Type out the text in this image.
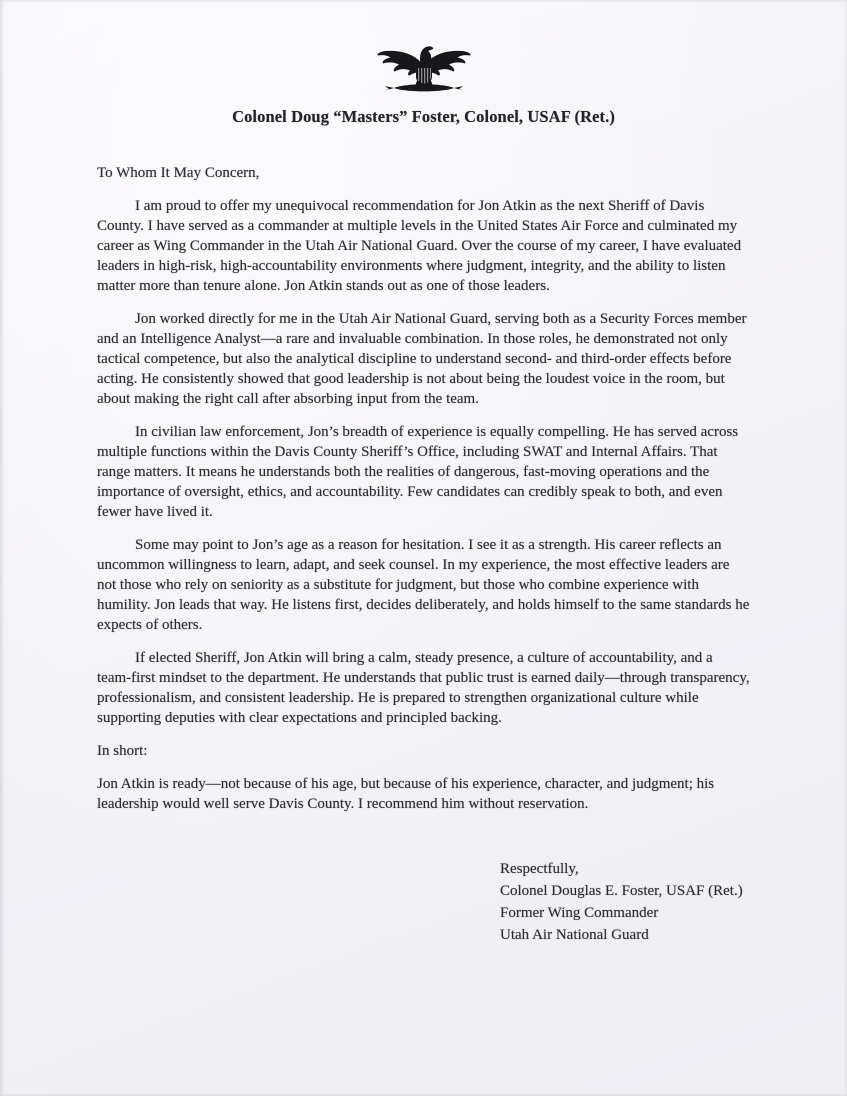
Colonel Doug “Masters” Foster, Colonel, USAF (Ret.)

To Whom It May Concern,

I am proud to offer my unequivocal recommendation for Jon Atkin as the next Sheriff of Davis County. I have served as a commander at multiple levels in the United States Air Force and culminated my career as Wing Commander in the Utah Air National Guard. Over the course of my career, I have evaluated leaders in high-risk, high-accountability environments where judgment, integrity, and the ability to listen matter more than tenure alone. Jon Atkin stands out as one of those leaders.

Jon worked directly for me in the Utah Air National Guard, serving both as a Security Forces member and an Intelligence Analyst—a rare and invaluable combination. In those roles, he demonstrated not only tactical competence, but also the analytical discipline to understand second- and third-order effects before acting. He consistently showed that good leadership is not about being the loudest voice in the room, but about making the right call after absorbing input from the team.

In civilian law enforcement, Jon’s breadth of experience is equally compelling. He has served across multiple functions within the Davis County Sheriff’s Office, including SWAT and Internal Affairs. That range matters. It means he understands both the realities of dangerous, fast-moving operations and the importance of oversight, ethics, and accountability. Few candidates can credibly speak to both, and even fewer have lived it.

Some may point to Jon’s age as a reason for hesitation. I see it as a strength. His career reflects an uncommon willingness to learn, adapt, and seek counsel. In my experience, the most effective leaders are not those who rely on seniority as a substitute for judgment, but those who combine experience with humility. Jon leads that way. He listens first, decides deliberately, and holds himself to the same standards he expects of others.

If elected Sheriff, Jon Atkin will bring a calm, steady presence, a culture of accountability, and a team-first mindset to the department. He understands that public trust is earned daily—through transparency, professionalism, and consistent leadership. He is prepared to strengthen organizational culture while supporting deputies with clear expectations and principled backing.

In short:

Jon Atkin is ready—not because of his age, but because of his experience, character, and judgment; his leadership would well serve Davis County. I recommend him without reservation.

Respectfully,

Colonel Douglas E. Foster, USAF (Ret.)

Former Wing Commander

Utah Air National Guard
